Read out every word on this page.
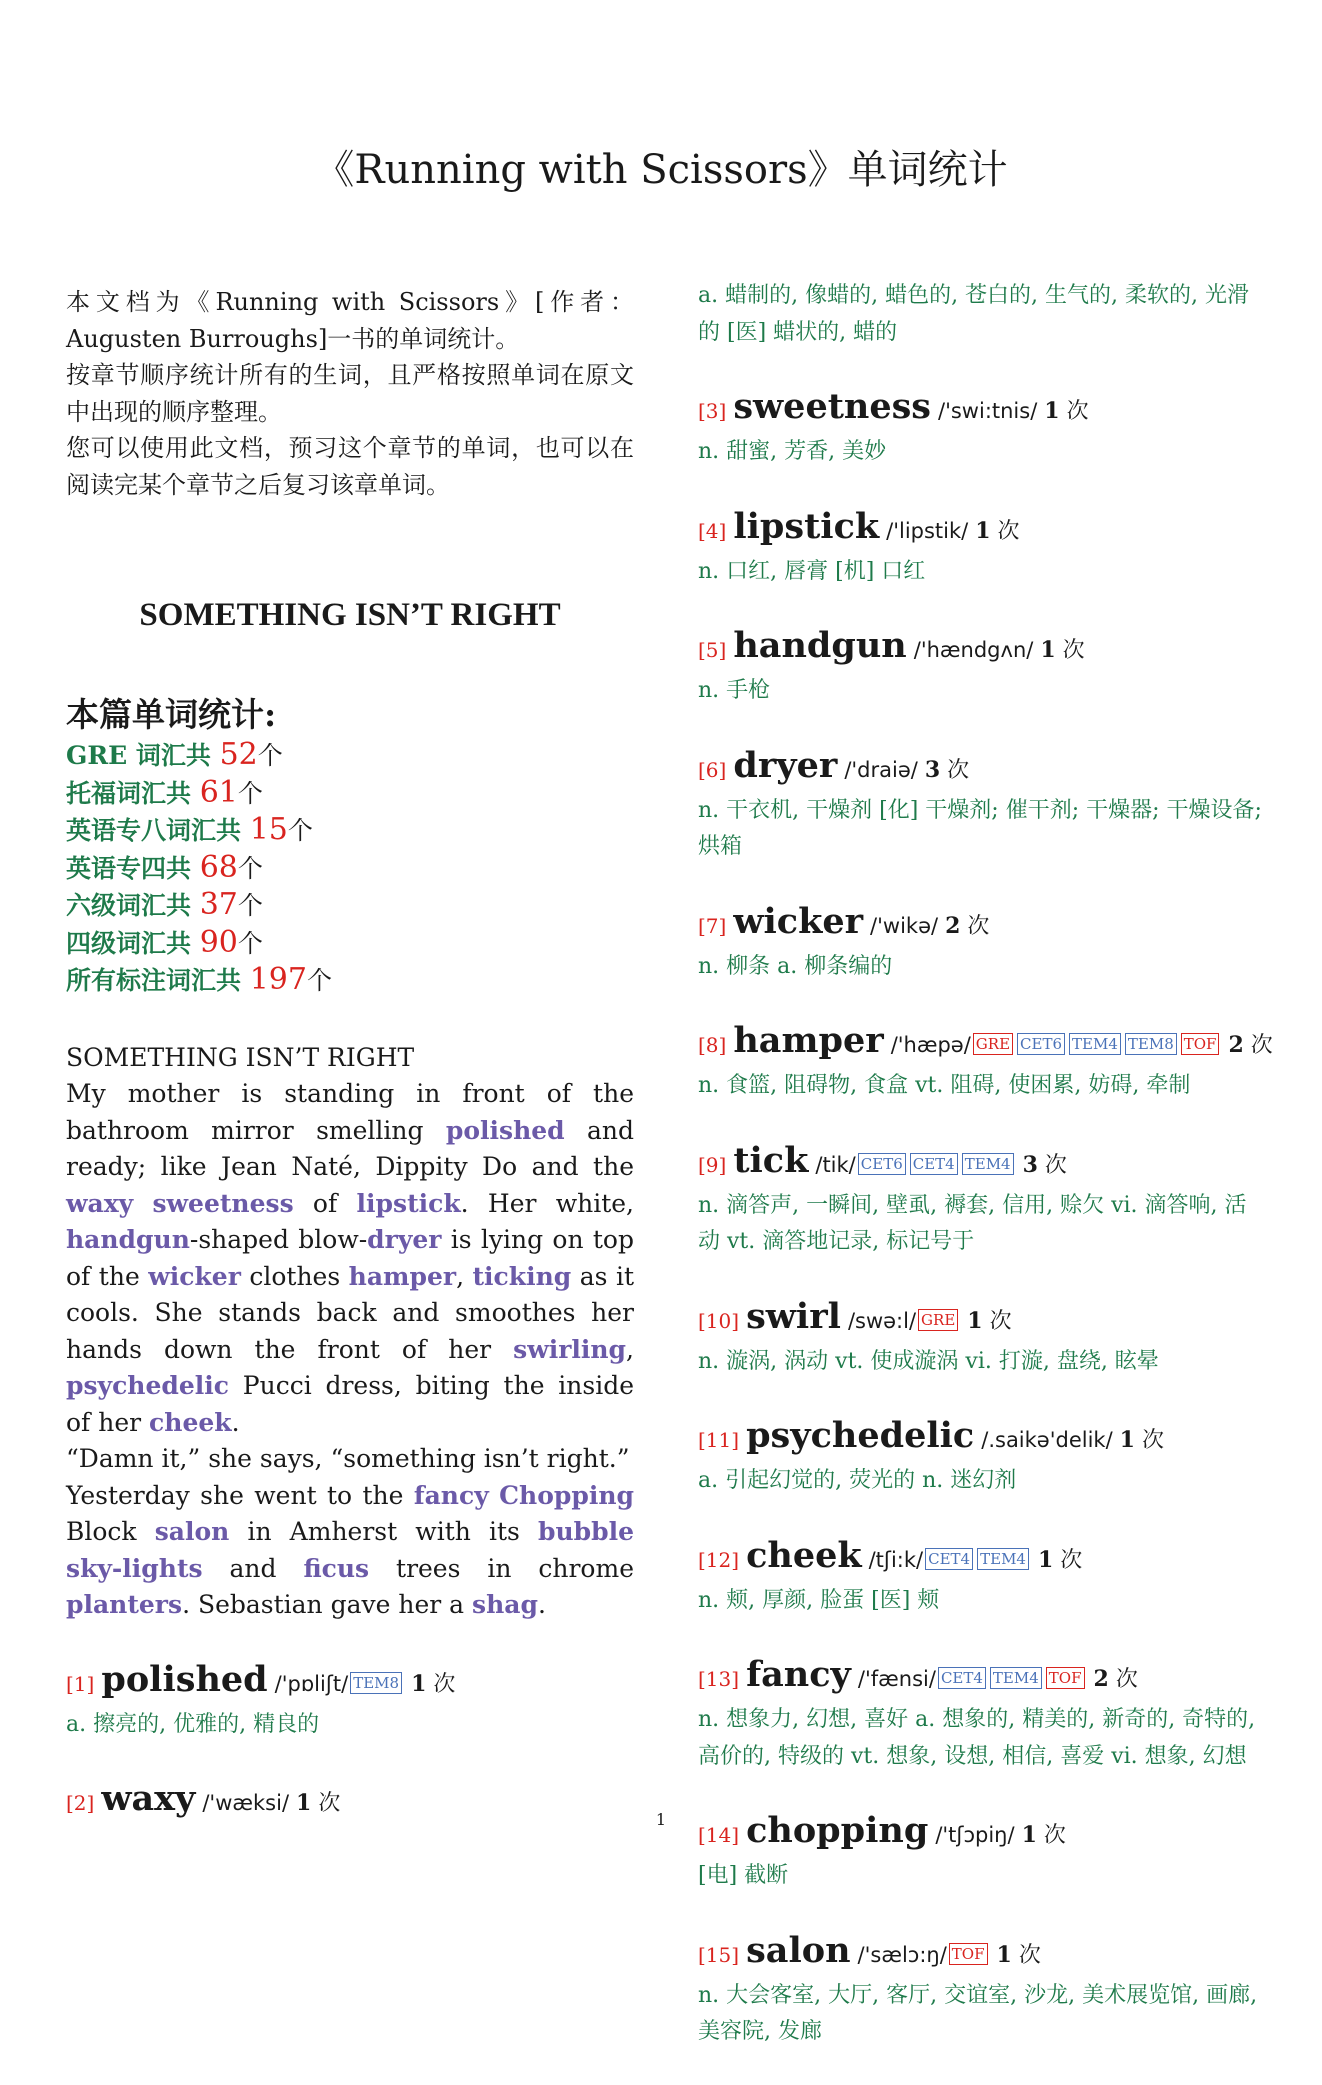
《Running with Scissors》单词统计

本文档为《Running with Scissors》[作者：Augusten Burroughs]一书的单词统计。

按章节顺序统计所有的生词，且严格按照单词在原文中出现的顺序整理。

您可以使用此文档，预习这个章节的单词，也可以在阅读完某个章节之后复习该章单词。

SOMETHING ISN’T RIGHT
本篇单词统计:
GRE 词汇共 52个
托福词汇共 61个
英语专八词汇共 15个
英语专四共 68个
六级词汇共 37个
四级词汇共 90个
所有标注词汇共 197个

SOMETHING ISN’T RIGHT

My mother is standing in front of the bathroom mirror smelling polished and ready; like Jean Naté, Dippity Do and the waxy sweetness of lipstick. Her white, handgun-shaped blow-dryer is lying on top of the wicker clothes hamper, ticking as it cools. She stands back and smoothes her hands down the front of her swirling, psychedelic Pucci dress, biting the inside of her cheek.

“Damn it,” she says, “something isn’t right.”

Yesterday she went to the fancy Chopping Block salon in Amherst with its bubble sky-lights and ficus trees in chrome planters. Sebastian gave her a shag.

[1] polished /'pɒliʃt/ TEM8 1 次
a. 擦亮的, 优雅的, 精良的
[2] waxy /'wæksi/ 1 次
a. 蜡制的, 像蜡的, 蜡色的, 苍白的, 生气的, 柔软的, 光滑的 [医] 蜡状的, 蜡的
[3] sweetness /'swi:tnis/ 1 次
n. 甜蜜, 芳香, 美妙
[4] lipstick /'lipstik/ 1 次
n. 口红, 唇膏 [机] 口红
[5] handgun /'hændgʌn/ 1 次
n. 手枪
[6] dryer /'draiə/ 3 次
n. 干衣机, 干燥剂 [化] 干燥剂; 催干剂; 干燥器; 干燥设备; 烘箱
[7] wicker /'wikə/ 2 次
n. 柳条 a. 柳条编的
[8] hamper /'hæpə/ GRE CET6 TEM4 TEM8 TOF 2 次
n. 食篮, 阻碍物, 食盒 vt. 阻碍, 使困累, 妨碍, 牵制
[9] tick /tik/ CET6 CET4 TEM4 3 次
n. 滴答声, 一瞬间, 壁虱, 褥套, 信用, 赊欠 vi. 滴答响, 活动 vt. 滴答地记录, 标记号于
[10] swirl /swə:l/ GRE 1 次
n. 漩涡, 涡动 vt. 使成漩涡 vi. 打漩, 盘绕, 眩晕
[11] psychedelic /.saikə'delik/ 1 次
a. 引起幻觉的, 荧光的 n. 迷幻剂
[12] cheek /tʃi:k/ CET4 TEM4 1 次
n. 颊, 厚颜, 脸蛋 [医] 颊
[13] fancy /'fænsi/ CET4 TEM4 TOF 2 次
n. 想象力, 幻想, 喜好 a. 想象的, 精美的, 新奇的, 奇特的, 高价的, 特级的 vt. 想象, 设想, 相信, 喜爱 vi. 想象, 幻想
[14] chopping /'tʃɔpiŋ/ 1 次
[电] 截断
[15] salon /'sælɔ:ŋ/ TOF 1 次
n. 大会客室, 大厅, 客厅, 交谊室, 沙龙, 美术展览馆, 画廊, 美容院, 发廊
1
